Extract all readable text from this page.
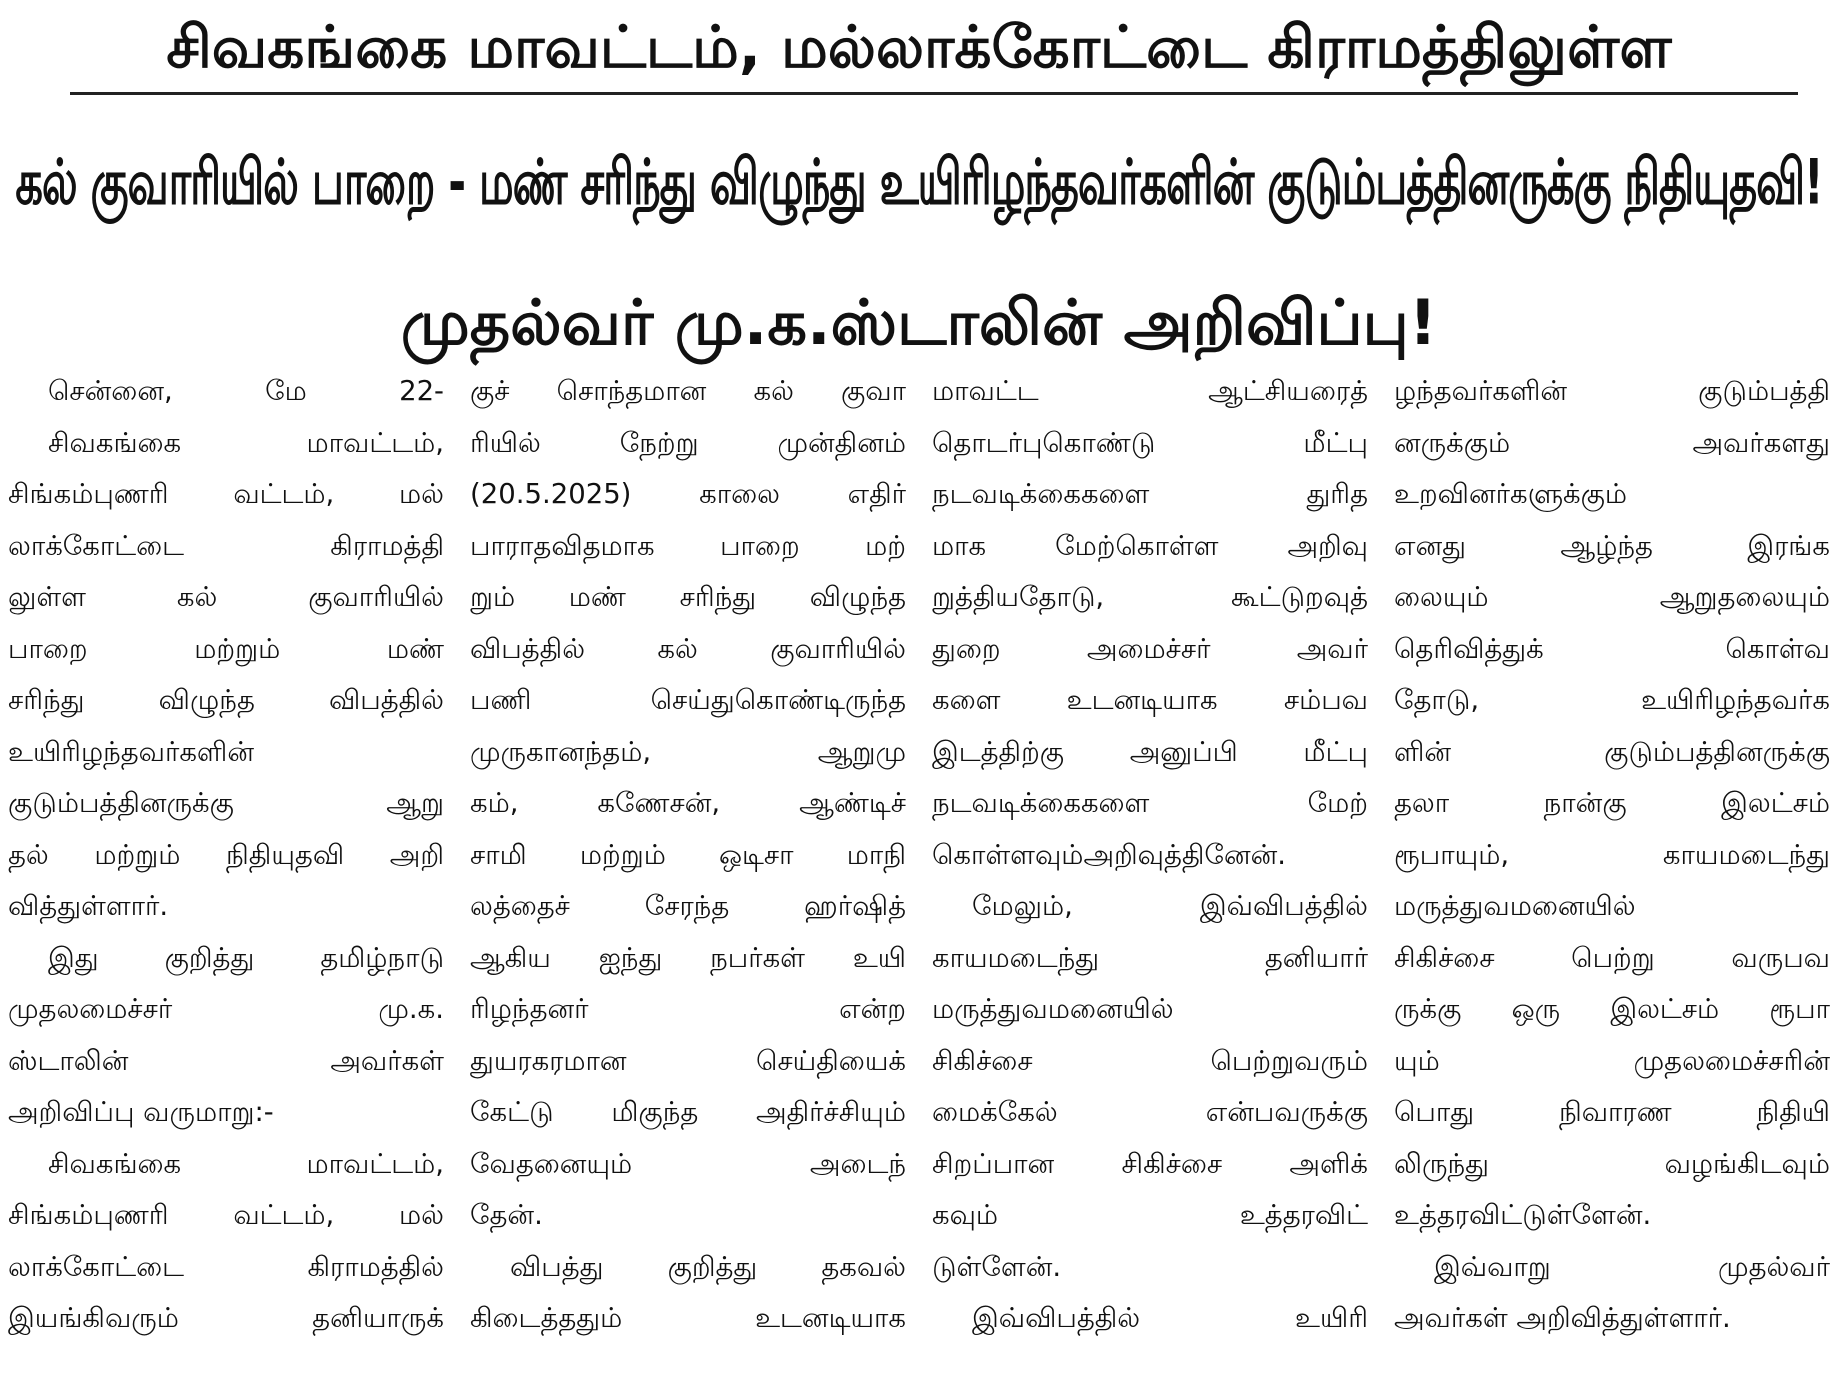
சிவகங்கை மாவட்டம், மல்லாக்கோட்டை கிராமத்திலுள்ள
கல் குவாரியில் பாறை - மண் சரிந்து விழுந்து உயிரிழந்தவர்களின் குடும்பத்தினருக்கு நிதியுதவி!
முதல்வர் மு.க.ஸ்டாலின் அறிவிப்பு!
சென்னை, மே 22-
சிவகங்கை மாவட்டம்,
சிங்கம்புணரி வட்டம், மல்
லாக்கோட்டை கிராமத்தி
லுள்ள கல் குவாரியில்
பாறை மற்றும் மண்
சரிந்து விழுந்த விபத்தில்
உயிரிழந்தவர்களின்
குடும்பத்தினருக்கு ஆறு
தல் மற்றும் நிதியுதவி அறி
வித்துள்ளார்.
இது குறித்து தமிழ்நாடு
முதலமைச்சர் மு.க.
ஸ்டாலின் அவர்கள்
அறிவிப்பு வருமாறு:-
சிவகங்கை மாவட்டம்,
சிங்கம்புணரி வட்டம், மல்
லாக்கோட்டை கிராமத்தில்
இயங்கிவரும் தனியாருக்
குச் சொந்தமான கல் குவா
ரியில் நேற்று முன்தினம்
(20.5.2025) காலை எதிர்
பாராதவிதமாக பாறை மற்
றும் மண் சரிந்து விழுந்த
விபத்தில் கல் குவாரியில்
பணி செய்துகொண்டிருந்த
முருகானந்தம், ஆறுமு
கம், கணேசன், ஆண்டிச்
சாமி மற்றும் ஒடிசா மாநி
லத்தைச் சேரந்த ஹர்ஷித்
ஆகிய ஐந்து நபர்கள் உயி
ரிழந்தனர் என்ற
துயரகரமான செய்தியைக்
கேட்டு மிகுந்த அதிர்ச்சியும்
வேதனையும் அடைந்
தேன்.
விபத்து குறித்து தகவல்
கிடைத்ததும் உடனடியாக
மாவட்ட ஆட்சியரைத்
தொடர்புகொண்டு மீட்பு
நடவடிக்கைகளை துரித
மாக மேற்கொள்ள அறிவு
றுத்தியதோடு, கூட்டுறவுத்
துறை அமைச்சர் அவர்
களை உடனடியாக சம்பவ
இடத்திற்கு அனுப்பி மீட்பு
நடவடிக்கைகளை மேற்
கொள்ளவும்அறிவுத்தினேன்.
மேலும், இவ்விபத்தில்
காயமடைந்து தனியார்
மருத்துவமனையில்
சிகிச்சை பெற்றுவரும்
மைக்கேல் என்பவருக்கு
சிறப்பான சிகிச்சை அளிக்
கவும் உத்தரவிட்
டுள்ளேன்.
இவ்விபத்தில் உயிரி
ழந்தவர்களின் குடும்பத்தி
னருக்கும் அவர்களது
உறவினர்களுக்கும்
எனது ஆழ்ந்த இரங்க
லையும் ஆறுதலையும்
தெரிவித்துக் கொள்வ
தோடு, உயிரிழந்தவர்க
ளின் குடும்பத்தினருக்கு
தலா நான்கு இலட்சம்
ரூபாயும், காயமடைந்து
மருத்துவமனையில்
சிகிச்சை பெற்று வருபவ
ருக்கு ஒரு இலட்சம் ரூபா
யும் முதலமைச்சரின்
பொது நிவாரண நிதியி
லிருந்து வழங்கிடவும்
உத்தரவிட்டுள்ளேன்.
இவ்வாறு முதல்வர்
அவர்கள் அறிவித்துள்ளார்.
